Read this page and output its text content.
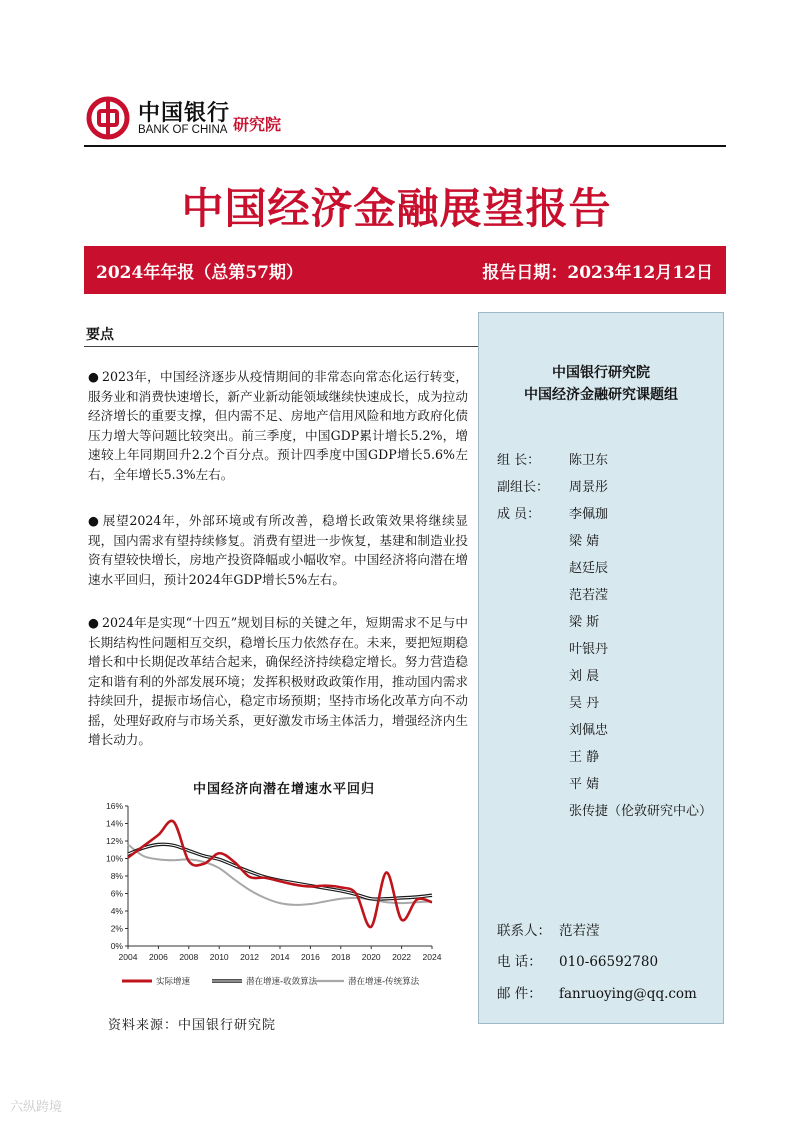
中国银行
BANK OF CHINA 研究院
中国经济金融展望报告
2024年年报（总第57期）	报告日期：2023年12月12日
要点
● 2023年，中国经济逐步从疫情期间的非常态向常态化运行转变，服务业和消费快速增长，新产业新动能领域继续快速成长，成为拉动经济增长的重要支撑，但内需不足、房地产信用风险和地方政府化债压力增大等问题比较突出。前三季度，中国GDP累计增长5.2%，增速较上年同期回升2.2个百分点。预计四季度中国GDP增长5.6%左右，全年增长5.3%左右。
● 展望2024年，外部环境或有所改善，稳增长政策效果将继续显现，国内需求有望持续修复。消费有望进一步恢复，基建和制造业投资有望较快增长，房地产投资降幅或小幅收窄。中国经济将向潜在增速水平回归，预计2024年GDP增长5%左右。
● 2024年是实现“十四五”规划目标的关键之年，短期需求不足与中长期结构性问题相互交织，稳增长压力依然存在。未来，要把短期稳增长和中长期促改革结合起来，确保经济持续稳定增长。努力营造稳定和谐有利的外部发展环境；发挥积极财政政策作用，推动国内需求持续回升，提振市场信心，稳定市场预期；坚持市场化改革方向不动摇，处理好政府与市场关系，更好激发市场主体活力，增强经济内生增长动力。
中国经济向潜在增速水平回归
0%
2%
4%
6%
8%
10%
12%
14%
16%
2004 2006 2008 2010 2012 2014 2016 2018 2020 2022 2024
实际增速	潜在增速-收敛算法	潜在增速-传统算法
资料来源：中国银行研究院
中国银行研究院
中国经济金融研究课题组
组 长：	陈卫东
副组长：	周景彤
成 员：	李佩珈
梁 婧
赵廷辰
范若滢
梁 斯
叶银丹
刘 晨
吴 丹
刘佩忠
王 静
平 婧
张传捷（伦敦研究中心）
联系人： 范若滢
电 话： 010-66592780
邮 件： fanruoying@qq.com
六纵跨境
